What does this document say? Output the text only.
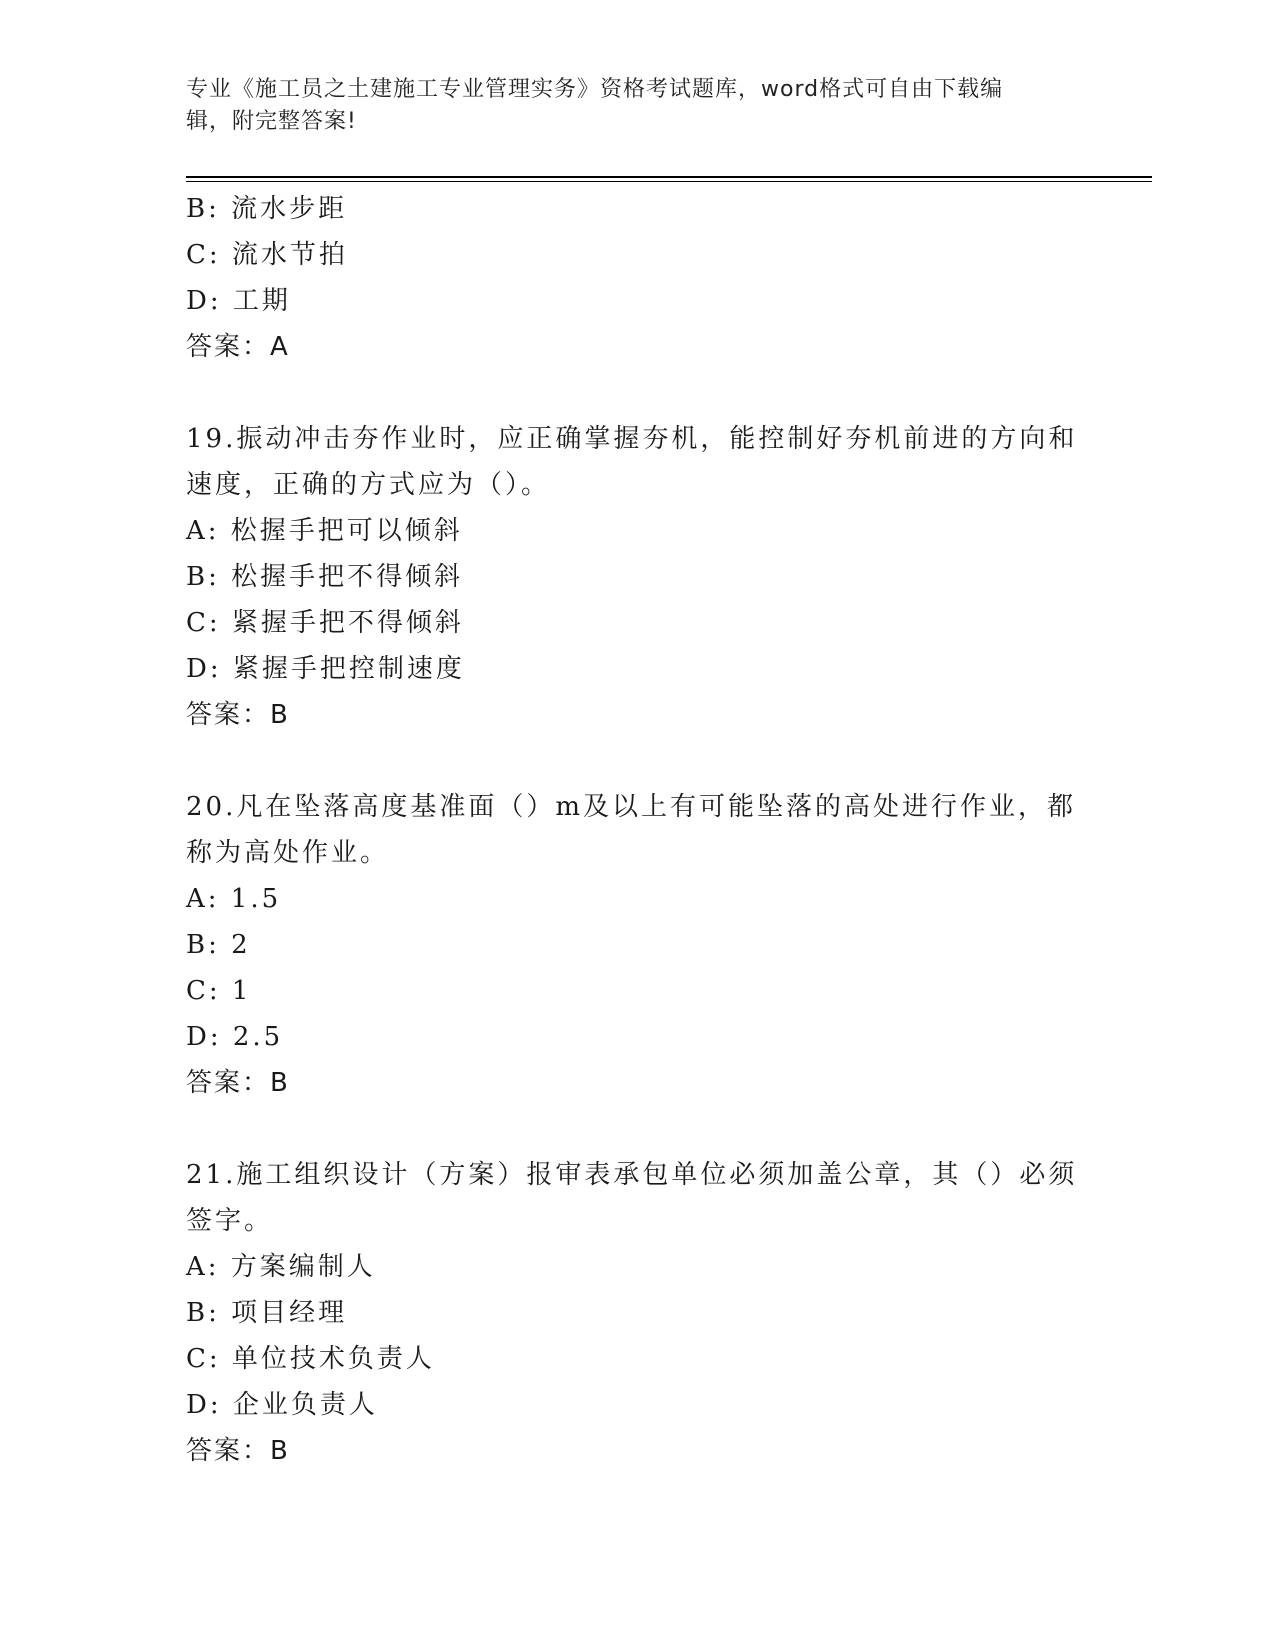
专业《施工员之土建施工专业管理实务》资格考试题库，word格式可自由下载编
辑，附完整答案!
B: 流水步距
C: 流水节拍
D: 工期
答案：A
19.振动冲击夯作业时，应正确掌握夯机，能控制好夯机前进的方向和
速度，正确的方式应为（）。
A: 松握手把可以倾斜
B: 松握手把不得倾斜
C: 紧握手把不得倾斜
D: 紧握手把控制速度
答案：B
20.凡在坠落高度基准面（）m及以上有可能坠落的高处进行作业，都
称为高处作业。
A: 1.5
B: 2
C: 1
D: 2.5
答案：B
21.施工组织设计（方案）报审表承包单位必须加盖公章，其（）必须
签字。
A: 方案编制人
B: 项目经理
C: 单位技术负责人
D: 企业负责人
答案：B
